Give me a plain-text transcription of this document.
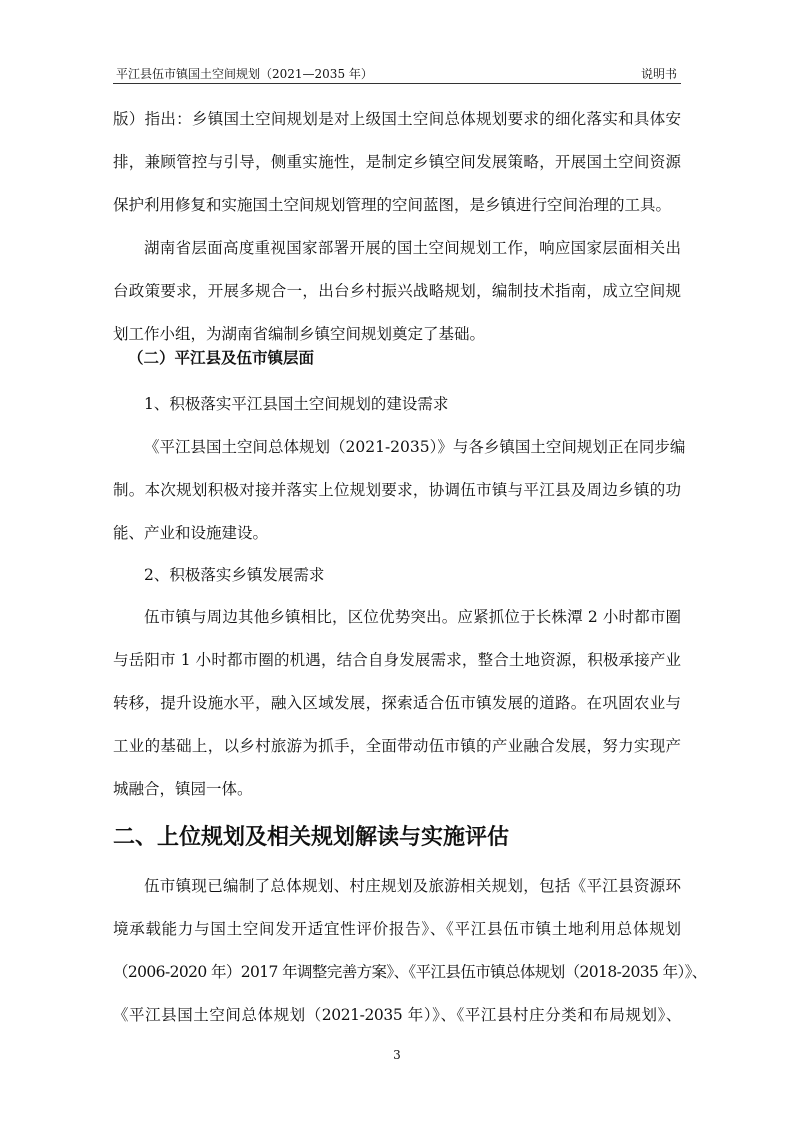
平江县伍市镇国土空间规划（2021—2035 年）	说明书
版）指出：乡镇国土空间规划是对上级国土空间总体规划要求的细化落实和具体安
排，兼顾管控与引导，侧重实施性，是制定乡镇空间发展策略，开展国土空间资源
保护利用修复和实施国土空间规划管理的空间蓝图，是乡镇进行空间治理的工具。
湖南省层面高度重视国家部署开展的国土空间规划工作，响应国家层面相关出
台政策要求，开展多规合一，出台乡村振兴战略规划，编制技术指南，成立空间规
划工作小组，为湖南省编制乡镇空间规划奠定了基础。
（二）平江县及伍市镇层面
1、积极落实平江县国土空间规划的建设需求
《平江县国土空间总体规划（2021-2035）》与各乡镇国土空间规划正在同步编
制。本次规划积极对接并落实上位规划要求，协调伍市镇与平江县及周边乡镇的功
能、产业和设施建设。
2、积极落实乡镇发展需求
伍市镇与周边其他乡镇相比，区位优势突出。应紧抓位于长株潭 2 小时都市圈
与岳阳市 1 小时都市圈的机遇，结合自身发展需求，整合土地资源，积极承接产业
转移，提升设施水平，融入区域发展，探索适合伍市镇发展的道路。在巩固农业与
工业的基础上，以乡村旅游为抓手，全面带动伍市镇的产业融合发展，努力实现产
城融合，镇园一体。
伍市镇现已编制了总体规划、村庄规划及旅游相关规划，包括《平江县资源环
境承载能力与国土空间发开适宜性评价报告》、《平江县伍市镇土地利用总体规划
（2006-2020 年）2017 年调整完善方案》、《平江县伍市镇总体规划（2018-2035 年）》、
《平江县国土空间总体规划（2021-2035 年）》、《平江县村庄分类和布局规划》、
二、上位规划及相关规划解读与实施评估
3
